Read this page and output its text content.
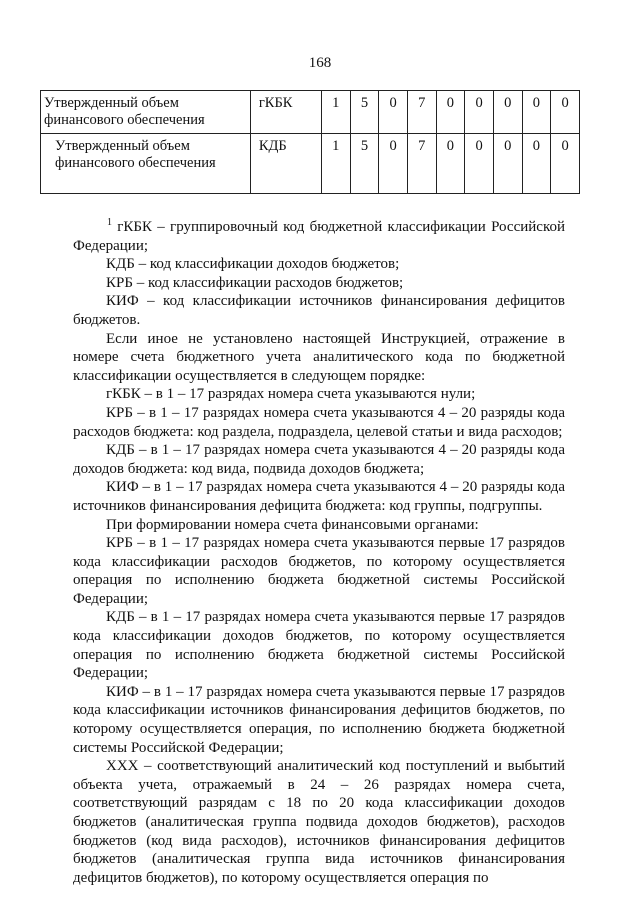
168
Утвержденный объем финансового обеспечения	гКБК	1	5	0	7	0	0	0	0	0
Утвержденный объем финансового обеспечения	КДБ	1	5	0	7	0	0	0	0	0

$^1$ гКБК – группировочный код бюджетной классификации Российской Федерации;

КДБ – код классификации доходов бюджетов;

КРБ – код классификации расходов бюджетов;

КИФ – код классификации источников финансирования дефицитов бюджетов.

Если иное не установлено настоящей Инструкцией, отражение в номере счета бюджетного учета аналитического кода по бюджетной классификации осуществляется в следующем порядке:

гКБК – в 1 – 17 разрядах номера счета указываются нули;

КРБ – в 1 – 17 разрядах номера счета указываются 4 – 20 разряды кода расходов бюджета: код раздела, подраздела, целевой статьи и вида расходов;

КДБ – в 1 – 17 разрядах номера счета указываются 4 – 20 разряды кода доходов бюджета: код вида, подвида доходов бюджета;

КИФ – в 1 – 17 разрядах номера счета указываются 4 – 20 разряды кода источников финансирования дефицита бюджета: код группы, подгруппы.

При формировании номера счета финансовыми органами:

КРБ – в 1 – 17 разрядах номера счета указываются первые 17 разрядов кода классификации расходов бюджетов, по которому осуществляется операция по исполнению бюджета бюджетной системы Российской Федерации;

КДБ – в 1 – 17 разрядах номера счета указываются первые 17 разрядов кода классификации доходов бюджетов, по которому осуществляется операция по исполнению бюджета бюджетной системы Российской Федерации;

КИФ – в 1 – 17 разрядах номера счета указываются первые 17 разрядов кода классификации источников финансирования дефицитов бюджетов, по которому осуществляется операция, по исполнению бюджета бюджетной системы Российской Федерации;

ХХХ – соответствующий аналитический код поступлений и выбытий объекта учета, отражаемый в 24 – 26 разрядах номера счета, соответствующий разрядам с 18 по 20 кода классификации доходов бюджетов (аналитическая группа подвида доходов бюджетов), расходов бюджетов (код вида расходов), источников финансирования дефицитов бюджетов (аналитическая группа вида источников финансирования дефицитов бюджетов), по которому осуществляется операция по
